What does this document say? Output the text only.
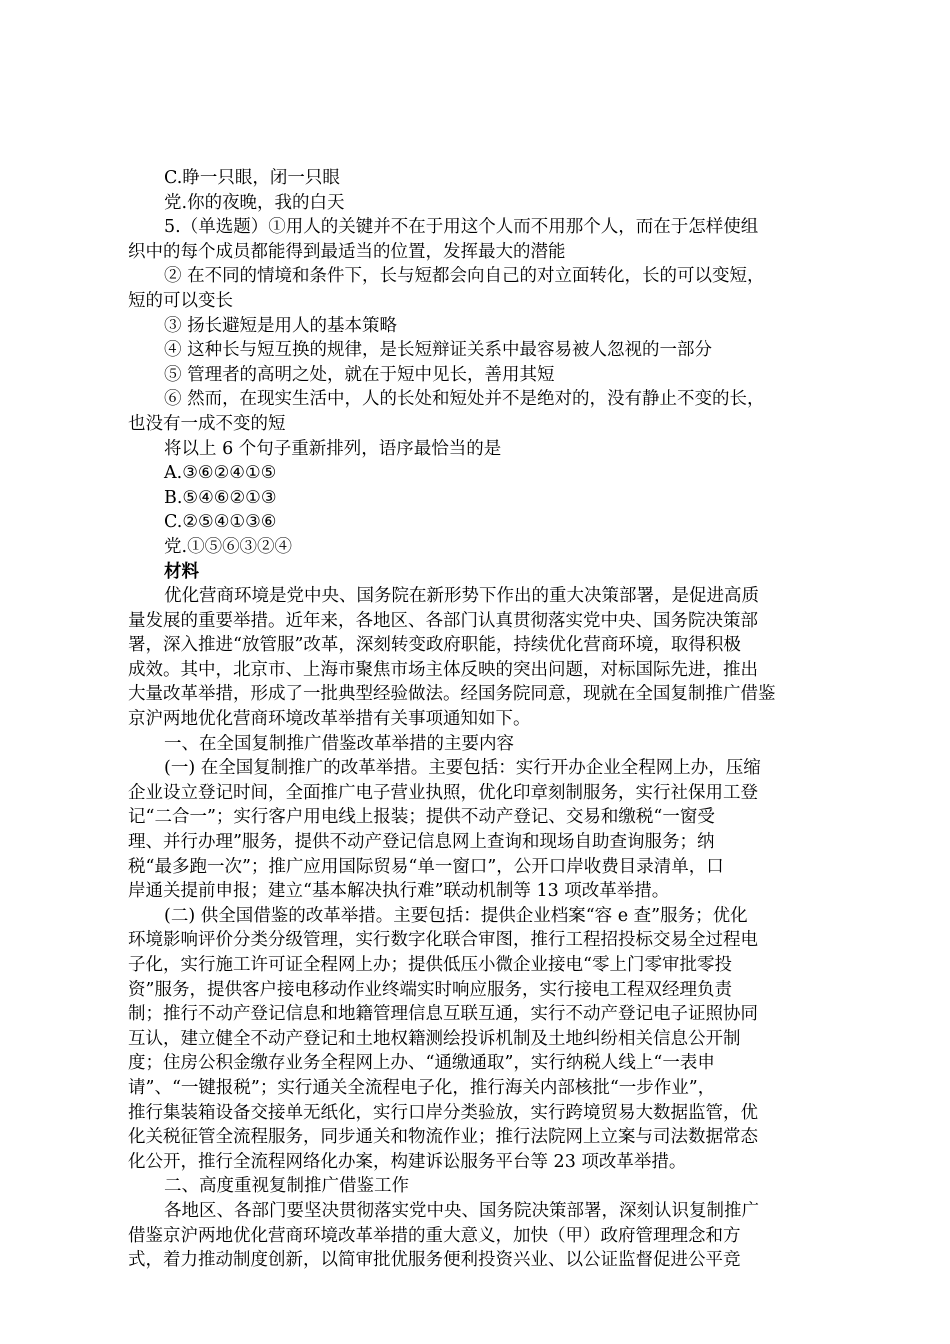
C.睁一只眼，闭一只眼

党.你的夜晚，我的白天

5.（单选题）①用人的关键并不在于用这个人而不用那个人，而在于怎样使组

织中的每个成员都能得到最适当的位置，发挥最大的潜能

② 在不同的情境和条件下，长与短都会向自己的对立面转化，长的可以变短，

短的可以变长

③ 扬长避短是用人的基本策略

④ 这种长与短互换的规律，是长短辩证关系中最容易被人忽视的一部分

⑤ 管理者的高明之处，就在于短中见长，善用其短

⑥ 然而，在现实生活中，人的长处和短处并不是绝对的，没有静止不变的长，

也没有一成不变的短

将以上 6 个句子重新排列，语序最恰当的是

A.③⑥②④①⑤

B.⑤④⑥②①③

C.②⑤④①③⑥

党.①⑤⑥③②④

材料

优化营商环境是党中央、国务院在新形势下作出的重大决策部署，是促进高质

量发展的重要举措。近年来，各地区、各部门认真贯彻落实党中央、国务院决策部

署，深入推进“放管服”改革，深刻转变政府职能，持续优化营商环境，取得积极

成效。其中，北京市、上海市聚焦市场主体反映的突出问题，对标国际先进，推出

大量改革举措，形成了一批典型经验做法。经国务院同意，现就在全国复制推广借鉴

京沪两地优化营商环境改革举措有关事项通知如下。

一、在全国复制推广借鉴改革举措的主要内容

(一) 在全国复制推广的改革举措。主要包括：实行开办企业全程网上办，压缩

企业设立登记时间，全面推广电子营业执照，优化印章刻制服务，实行社保用工登

记“二合一”；实行客户用电线上报装；提供不动产登记、交易和缴税“一窗受

理、并行办理”服务，提供不动产登记信息网上查询和现场自助查询服务；纳

税“最多跑一次”；推广应用国际贸易“单一窗口”，公开口岸收费目录清单，口

岸通关提前申报；建立“基本解决执行难”联动机制等 13 项改革举措。

(二) 供全国借鉴的改革举措。主要包括：提供企业档案“容 e 查”服务；优化

环境影响评价分类分级管理，实行数字化联合审图，推行工程招投标交易全过程电

子化，实行施工许可证全程网上办；提供低压小微企业接电“零上门零审批零投

资”服务，提供客户接电移动作业终端实时响应服务，实行接电工程双经理负责

制；推行不动产登记信息和地籍管理信息互联互通，实行不动产登记电子证照协同

互认，建立健全不动产登记和土地权籍测绘投诉机制及土地纠纷相关信息公开制

度；住房公积金缴存业务全程网上办、“通缴通取”，实行纳税人线上“一表申

请”、“一键报税”；实行通关全流程电子化，推行海关内部核批“一步作业”，

推行集装箱设备交接单无纸化，实行口岸分类验放，实行跨境贸易大数据监管，优

化关税征管全流程服务，同步通关和物流作业；推行法院网上立案与司法数据常态

化公开，推行全流程网络化办案，构建诉讼服务平台等 23 项改革举措。

二、高度重视复制推广借鉴工作

各地区、各部门要坚决贯彻落实党中央、国务院决策部署，深刻认识复制推广

借鉴京沪两地优化营商环境改革举措的重大意义，加快（甲）政府管理理念和方

式，着力推动制度创新，以简审批优服务便利投资兴业、以公证监督促进公平竞
